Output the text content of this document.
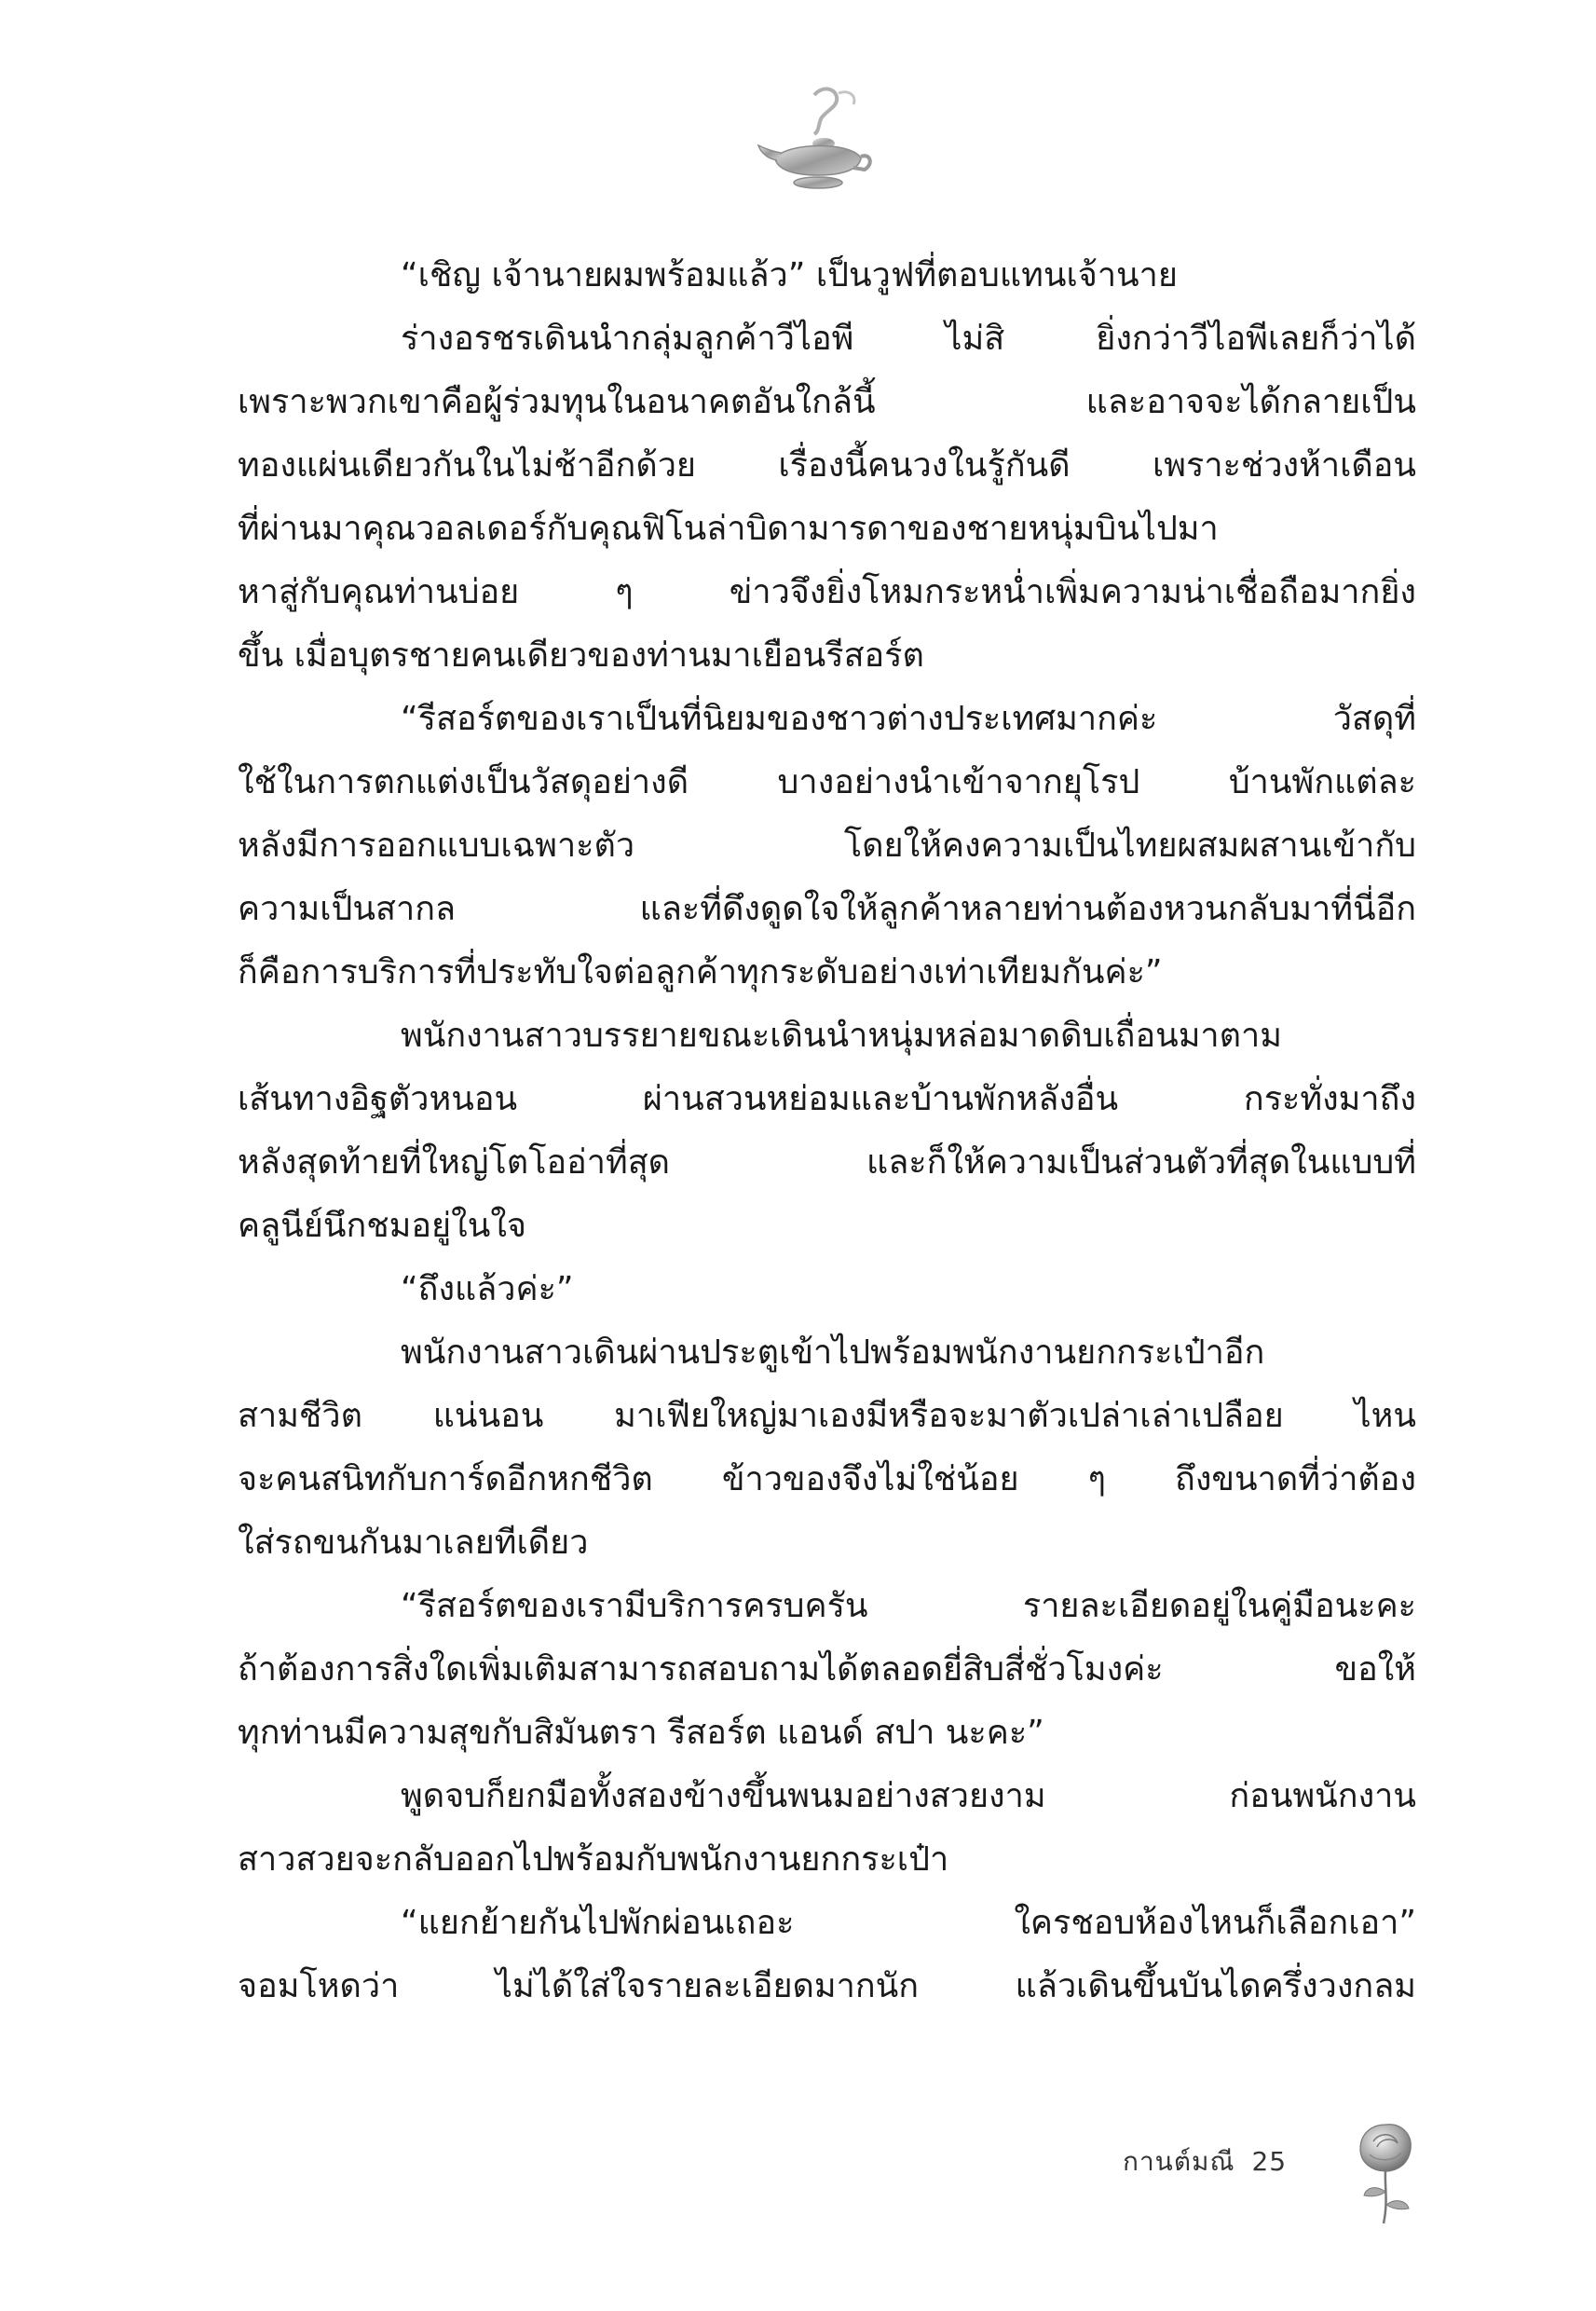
“เชิญ เจ้านายผมพร้อมแล้ว” เป็นวูฟที่ตอบแทนเจ้านาย
ร่างอรชรเดินนำกลุ่มลูกค้าวีไอพี ไม่สิ ยิ่งกว่าวีไอพีเลยก็ว่าได้
เพราะพวกเขาคือผู้ร่วมทุนในอนาคตอันใกล้นี้ และอาจจะได้กลายเป็น
ทองแผ่นเดียวกันในไม่ช้าอีกด้วย เรื่องนี้คนวงในรู้กันดี เพราะช่วงห้าเดือน
ที่ผ่านมาคุณวอลเดอร์กับคุณฟิโนล่าบิดามารดาของชายหนุ่มบินไปมา
หาสู่กับคุณท่านบ่อย ๆ ข่าวจึงยิ่งโหมกระหน่ำเพิ่มความน่าเชื่อถือมากยิ่ง
ขึ้น เมื่อบุตรชายคนเดียวของท่านมาเยือนรีสอร์ต
“รีสอร์ตของเราเป็นที่นิยมของชาวต่างประเทศมากค่ะ วัสดุที่
ใช้ในการตกแต่งเป็นวัสดุอย่างดี บางอย่างนำเข้าจากยุโรป บ้านพักแต่ละ
หลังมีการออกแบบเฉพาะตัว โดยให้คงความเป็นไทยผสมผสานเข้ากับ
ความเป็นสากล และที่ดึงดูดใจให้ลูกค้าหลายท่านต้องหวนกลับมาที่นี่อีก
ก็คือการบริการที่ประทับใจต่อลูกค้าทุกระดับอย่างเท่าเทียมกันค่ะ”
พนักงานสาวบรรยายขณะเดินนำหนุ่มหล่อมาดดิบเถื่อนมาตาม
เส้นทางอิฐตัวหนอน ผ่านสวนหย่อมและบ้านพักหลังอื่น กระทั่งมาถึง
หลังสุดท้ายที่ใหญ่โตโออ่าที่สุด และก็ให้ความเป็นส่วนตัวที่สุดในแบบที่
คลูนีย์นึกชมอยู่ในใจ
“ถึงแล้วค่ะ”
พนักงานสาวเดินผ่านประตูเข้าไปพร้อมพนักงานยกกระเป๋าอีก
สามชีวิต แน่นอน มาเฟียใหญ่มาเองมีหรือจะมาตัวเปล่าเล่าเปลือย ไหน
จะคนสนิทกับการ์ดอีกหกชีวิต ข้าวของจึงไม่ใช่น้อย ๆ ถึงขนาดที่ว่าต้อง
ใส่รถขนกันมาเลยทีเดียว
“รีสอร์ตของเรามีบริการครบครัน รายละเอียดอยู่ในคู่มือนะคะ
ถ้าต้องการสิ่งใดเพิ่มเติมสามารถสอบถามได้ตลอดยี่สิบสี่ชั่วโมงค่ะ ขอให้
ทุกท่านมีความสุขกับสิมันตรา รีสอร์ต แอนด์ สปา นะคะ”
พูดจบก็ยกมือทั้งสองข้างขึ้นพนมอย่างสวยงาม ก่อนพนักงาน
สาวสวยจะกลับออกไปพร้อมกับพนักงานยกกระเป๋า
“แยกย้ายกันไปพักผ่อนเถอะ ใครชอบห้องไหนก็เลือกเอา”
จอมโหดว่า ไม่ได้ใส่ใจรายละเอียดมากนัก แล้วเดินขึ้นบันไดครึ่งวงกลม
กานต์มณี 25
